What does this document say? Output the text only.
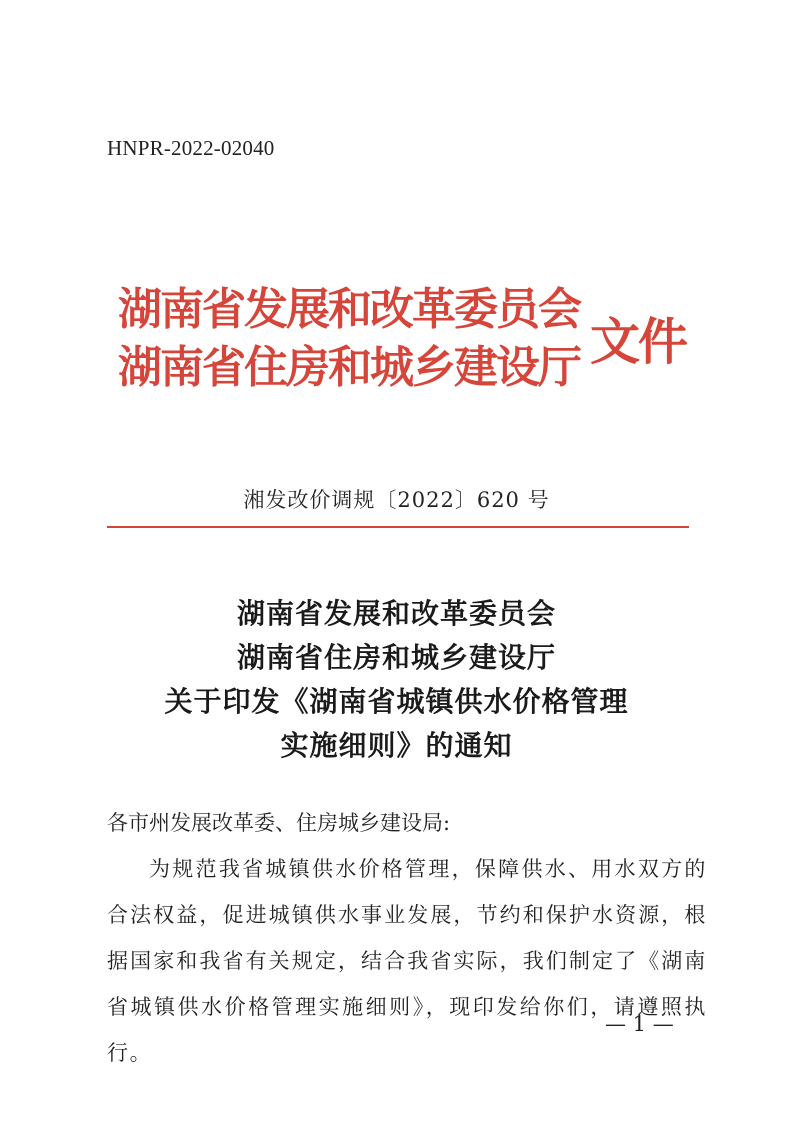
HNPR-2022-02040
湖南省发展和改革委员会
湖南省住房和城乡建设厅 文件
湘发改价调规〔2022〕620 号
湖南省发展和改革委员会
湖南省住房和城乡建设厅
关于印发《湖南省城镇供水价格管理
实施细则》的通知

各市州发展改革委、住房城乡建设局:

为规范我省城镇供水价格管理，保障供水、用水双方的合法权益，促进城镇供水事业发展，节约和保护水资源，根据国家和我省有关规定，结合我省实际，我们制定了《湖南省城镇供水价格管理实施细则》，现印发给你们，请遵照执行。

— 1 —
